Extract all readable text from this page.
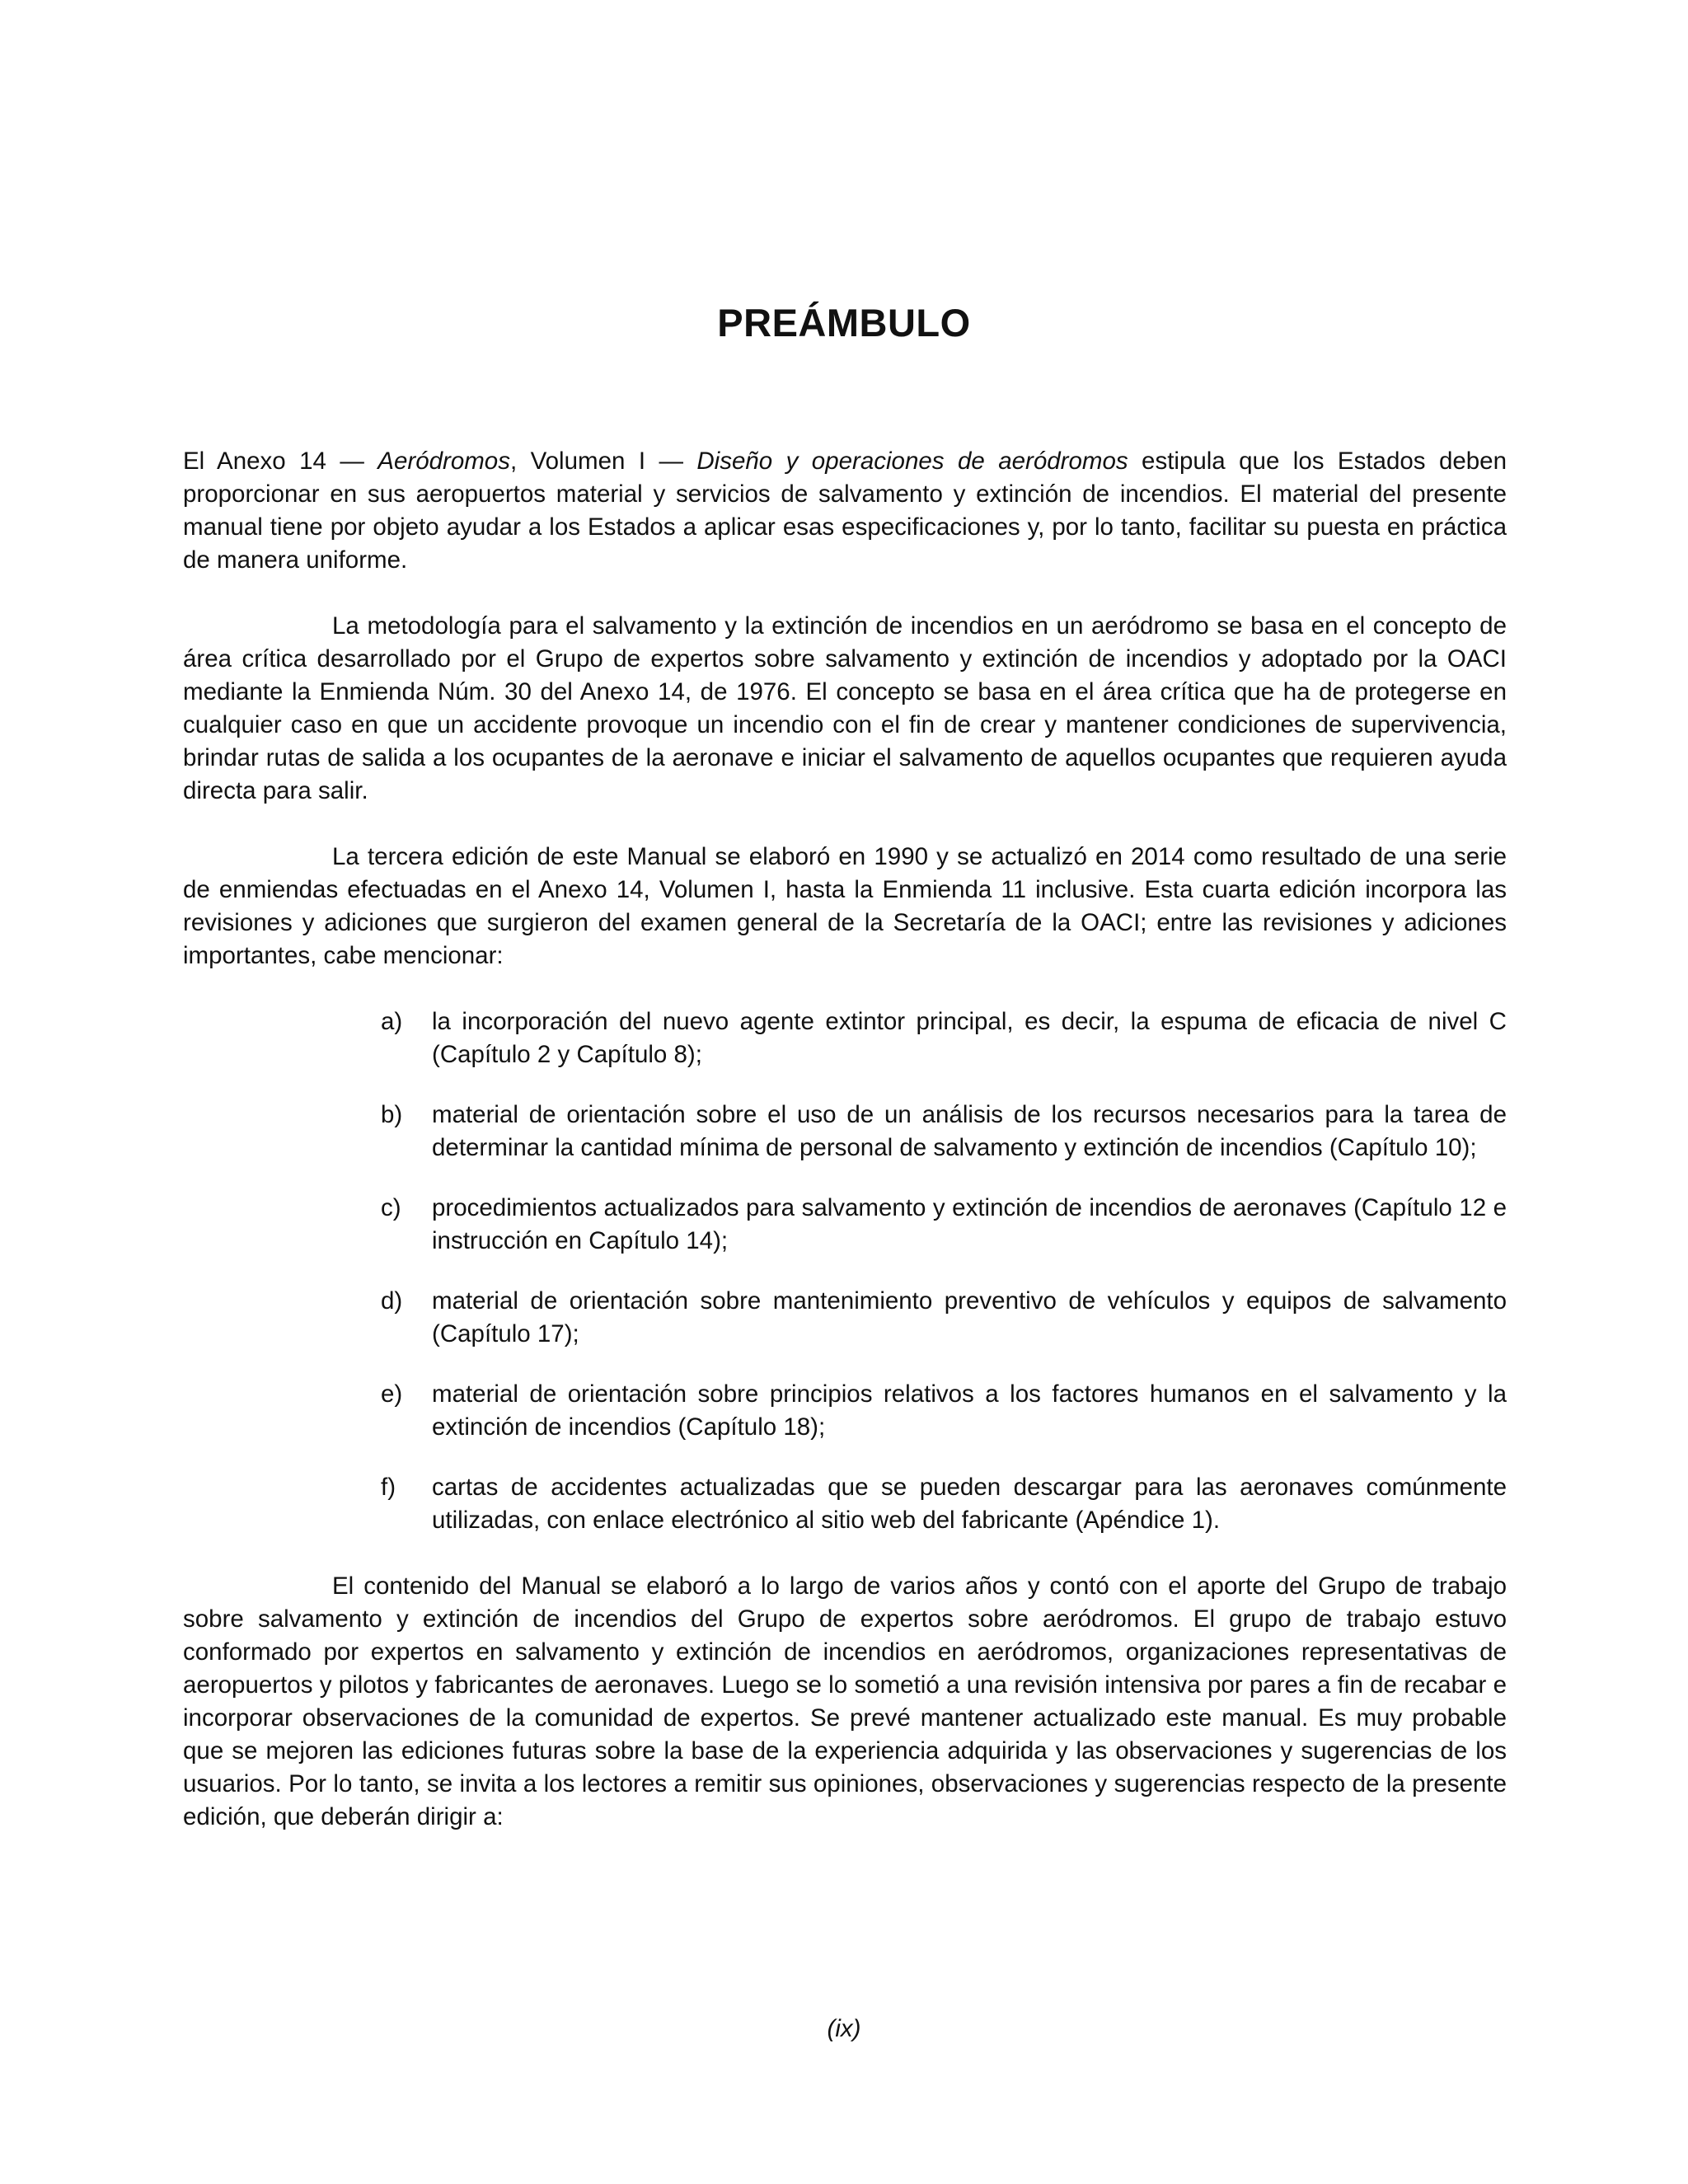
PREÁMBULO

El Anexo 14 — Aeródromos, Volumen I — Diseño y operaciones de aeródromos estipula que los Estados deben proporcionar en sus aeropuertos material y servicios de salvamento y extinción de incendios. El material del presente manual tiene por objeto ayudar a los Estados a aplicar esas especificaciones y, por lo tanto, facilitar su puesta en práctica de manera uniforme.

La metodología para el salvamento y la extinción de incendios en un aeródromo se basa en el concepto de área crítica desarrollado por el Grupo de expertos sobre salvamento y extinción de incendios y adoptado por la OACI mediante la Enmienda Núm. 30 del Anexo 14, de 1976. El concepto se basa en el área crítica que ha de protegerse en cualquier caso en que un accidente provoque un incendio con el fin de crear y mantener condiciones de supervivencia, brindar rutas de salida a los ocupantes de la aeronave e iniciar el salvamento de aquellos ocupantes que requieren ayuda directa para salir.

La tercera edición de este Manual se elaboró en 1990 y se actualizó en 2014 como resultado de una serie de enmiendas efectuadas en el Anexo 14, Volumen I, hasta la Enmienda 11 inclusive. Esta cuarta edición incorpora las revisiones y adiciones que surgieron del examen general de la Secretaría de la OACI; entre las revisiones y adiciones importantes, cabe mencionar:

a) la incorporación del nuevo agente extintor principal, es decir, la espuma de eficacia de nivel C (Capítulo 2 y Capítulo 8);
b) material de orientación sobre el uso de un análisis de los recursos necesarios para la tarea de determinar la cantidad mínima de personal de salvamento y extinción de incendios (Capítulo 10);
c) procedimientos actualizados para salvamento y extinción de incendios de aeronaves (Capítulo 12 e instrucción en Capítulo 14);
d) material de orientación sobre mantenimiento preventivo de vehículos y equipos de salvamento (Capítulo 17);
e) material de orientación sobre principios relativos a los factores humanos en el salvamento y la extinción de incendios (Capítulo 18);
f) cartas de accidentes actualizadas que se pueden descargar para las aeronaves comúnmente utilizadas, con enlace electrónico al sitio web del fabricante (Apéndice 1).

El contenido del Manual se elaboró a lo largo de varios años y contó con el aporte del Grupo de trabajo sobre salvamento y extinción de incendios del Grupo de expertos sobre aeródromos. El grupo de trabajo estuvo conformado por expertos en salvamento y extinción de incendios en aeródromos, organizaciones representativas de aeropuertos y pilotos y fabricantes de aeronaves. Luego se lo sometió a una revisión intensiva por pares a fin de recabar e incorporar observaciones de la comunidad de expertos. Se prevé mantener actualizado este manual. Es muy probable que se mejoren las ediciones futuras sobre la base de la experiencia adquirida y las observaciones y sugerencias de los usuarios. Por lo tanto, se invita a los lectores a remitir sus opiniones, observaciones y sugerencias respecto de la presente edición, que deberán dirigir a:

(ix)
